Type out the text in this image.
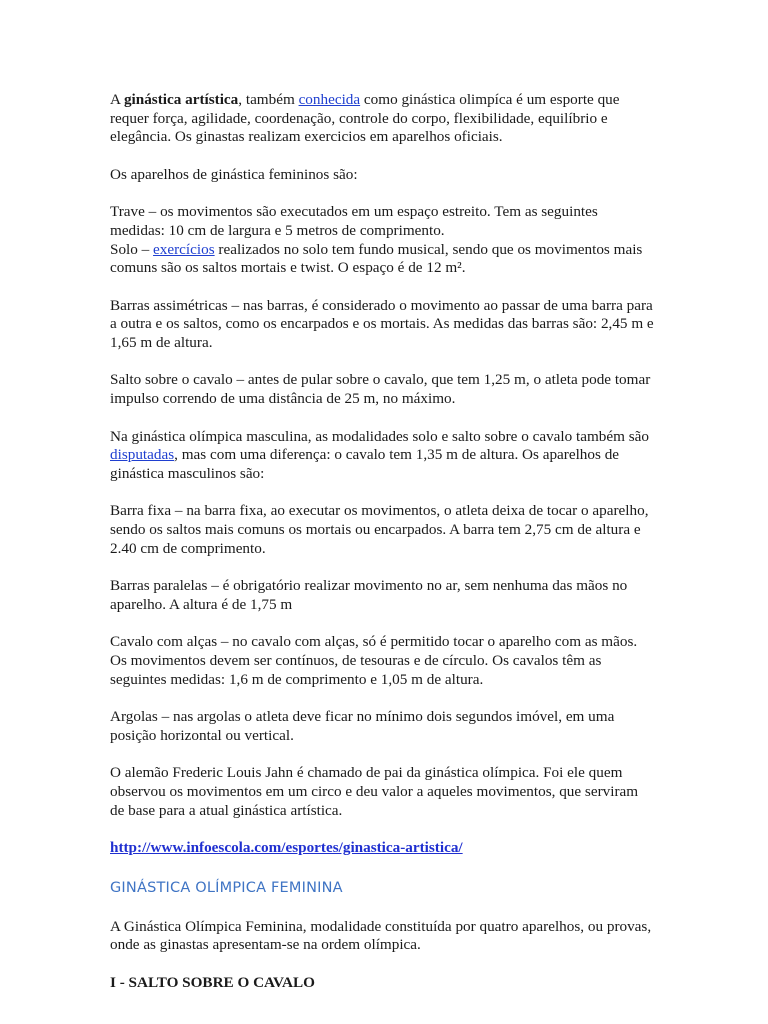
A ginástica artística, também conhecida como ginástica olimpíca é um esporte que requer força, agilidade, coordenação, controle do corpo, flexibilidade, equilíbrio e elegância. Os ginastas realizam exercicios em aparelhos oficiais.

Os aparelhos de ginástica femininos são:

Trave – os movimentos são executados em um espaço estreito. Tem as seguintes medidas: 10 cm de largura e 5 metros de comprimento.
Solo – exercícios realizados no solo tem fundo musical, sendo que os movimentos mais comuns são os saltos mortais e twist. O espaço é de 12 m².

Barras assimétricas – nas barras, é considerado o movimento ao passar de uma barra para a outra e os saltos, como os encarpados e os mortais. As medidas das barras são: 2,45 m e 1,65 m de altura.

Salto sobre o cavalo – antes de pular sobre o cavalo, que tem 1,25 m, o atleta pode tomar impulso correndo de uma distância de 25 m, no máximo.

Na ginástica olímpica masculina, as modalidades solo e salto sobre o cavalo também são disputadas, mas com uma diferença: o cavalo tem 1,35 m de altura. Os aparelhos de ginástica masculinos são:

Barra fixa – na barra fixa, ao executar os movimentos, o atleta deixa de tocar o aparelho, sendo os saltos mais comuns os mortais ou encarpados. A barra tem 2,75 cm de altura e 2.40 cm de comprimento.

Barras paralelas – é obrigatório realizar movimento no ar, sem nenhuma das mãos no aparelho. A altura é de 1,75 m

Cavalo com alças – no cavalo com alças, só é permitido tocar o aparelho com as mãos. Os movimentos devem ser contínuos, de tesouras e de círculo. Os cavalos têm as seguintes medidas: 1,6 m de comprimento e 1,05 m de altura.

Argolas – nas argolas o atleta deve ficar no mínimo dois segundos imóvel, em uma posição horizontal ou vertical.

O alemão Frederic Louis Jahn é chamado de pai da ginástica olímpica. Foi ele quem observou os movimentos em um circo e deu valor a aqueles movimentos, que serviram de base para a atual ginástica artística.

http://www.infoescola.com/esportes/ginastica-artistica/

GINÁSTICA OLÍMPICA FEMININA

A Ginástica Olímpica Feminina, modalidade constituída por quatro aparelhos, ou provas, onde as ginastas apresentam-se na ordem olímpica.

I - SALTO SOBRE O CAVALO
